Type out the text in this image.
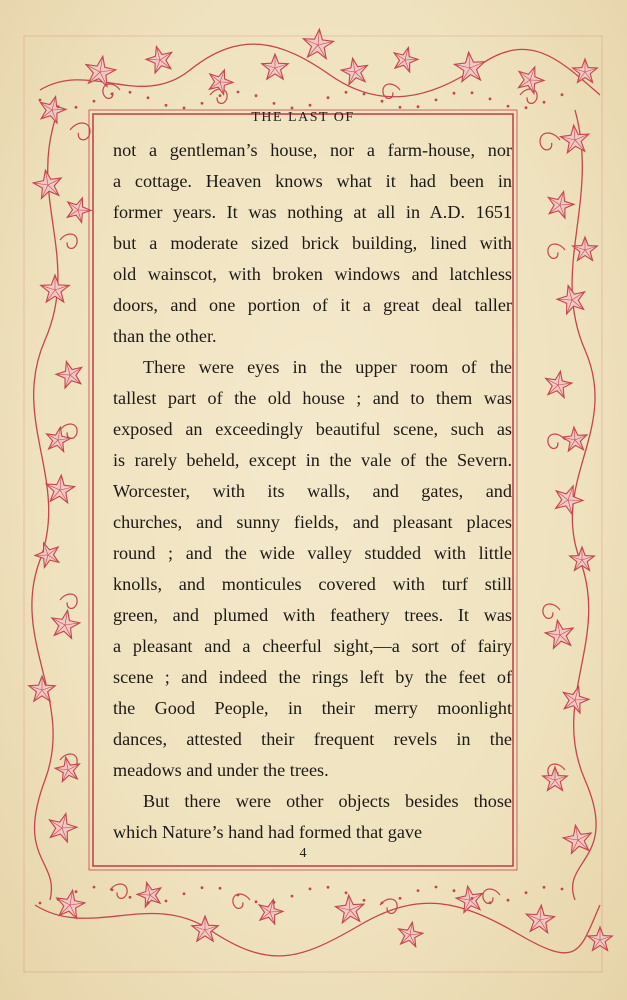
THE LAST OF
not a gentleman’s house, nor a farm-house, nor
a cottage. Heaven knows what it had been in
former years. It was nothing at all in A.D. 1651
but a moderate sized brick building, lined with
old wainscot, with broken windows and latchless
doors, and one portion of it a great deal taller
than the other.
There were eyes in the upper room of the
tallest part of the old house ; and to them was
exposed an exceedingly beautiful scene, such as
is rarely beheld, except in the vale of the Severn.
Worcester, with its walls, and gates, and
churches, and sunny fields, and pleasant places
round ; and the wide valley studded with little
knolls, and monticules covered with turf still
green, and plumed with feathery trees. It was
a pleasant and a cheerful sight,—a sort of fairy
scene ; and indeed the rings left by the feet of
the Good People, in their merry moonlight
dances, attested their frequent revels in the
meadows and under the trees.
But there were other objects besides those
which Nature’s hand had formed that gave
4
